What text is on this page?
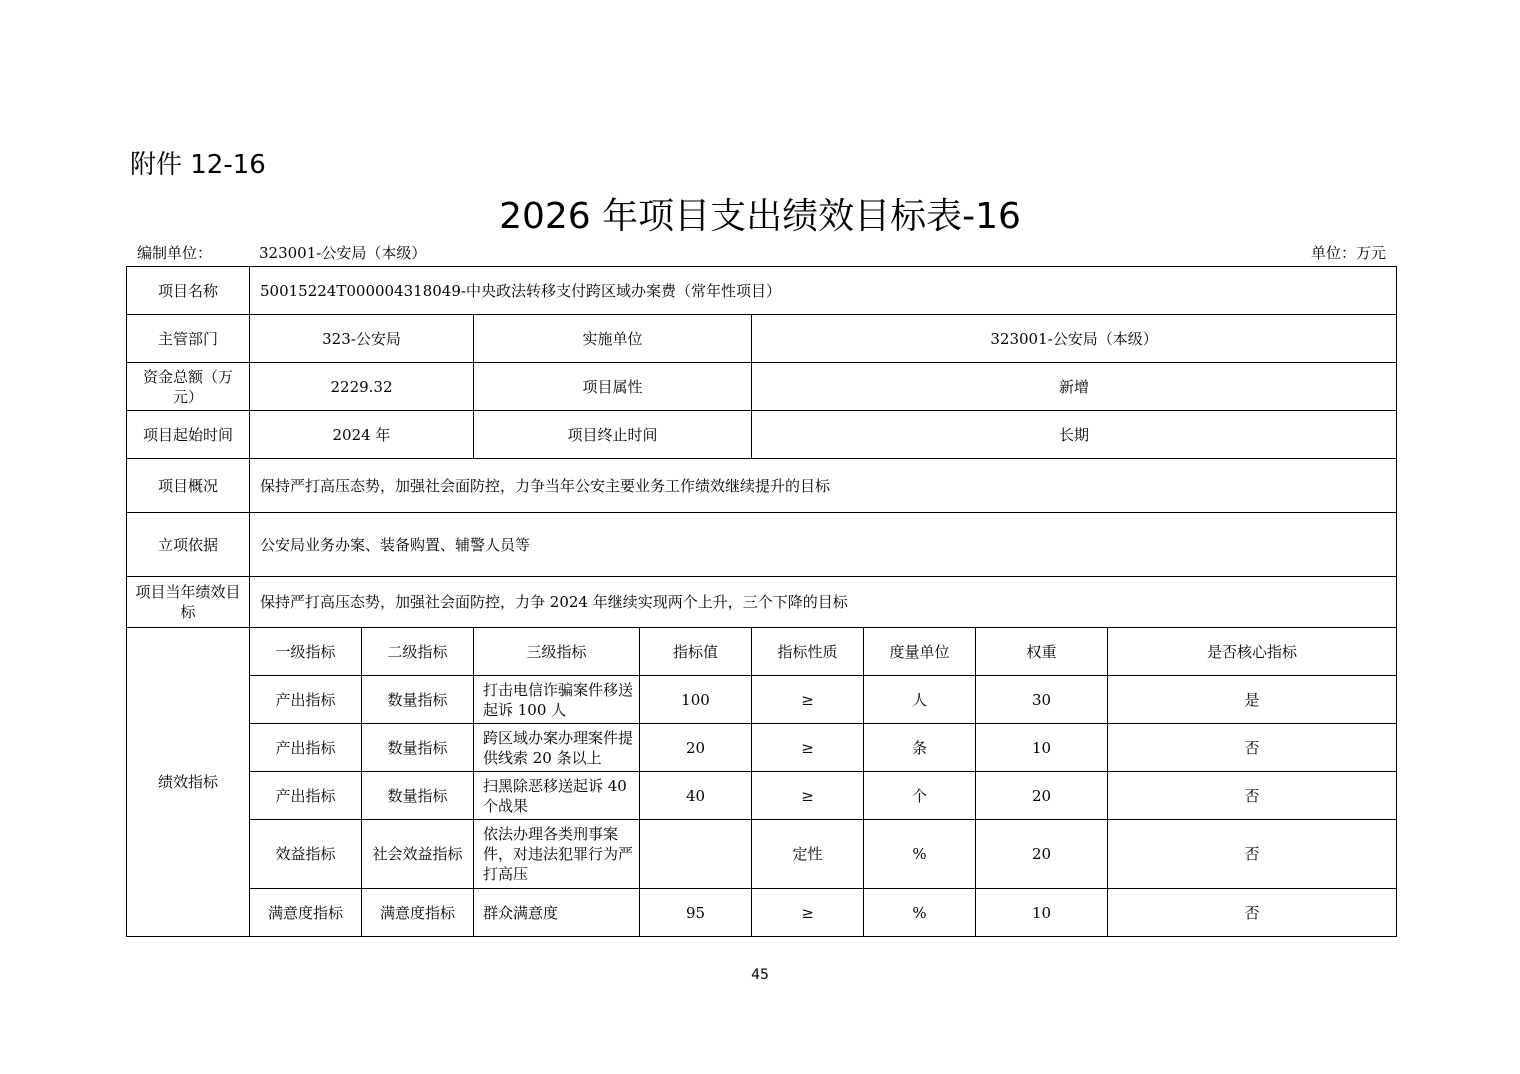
附件 12-16
2026 年项目支出绩效目标表-16
编制单位：	323001-公安局（本级）	单位：万元
项目名称	50015224T000004318049-中央政法转移支付跨区域办案费（常年性项目）							
主管部门	323-公安局		实施单位		323001-公安局（本级）			
资金总额（万元）	2229.32		项目属性		新增			
项目起始时间	2024 年		项目终止时间		长期			
项目概况	保持严打高压态势，加强社会面防控，力争当年公安主要业务工作绩效继续提升的目标							
立项依据	公安局业务办案、装备购置、辅警人员等							
项目当年绩效目标	保持严打高压态势，加强社会面防控，力争 2024 年继续实现两个上升，三个下降的目标							
绩效指标	一级指标	二级指标	三级指标	指标值	指标性质	度量单位	权重	是否核心指标
	产出指标	数量指标	打击电信诈骗案件移送起诉 100 人	100	≥	人	30	是
	产出指标	数量指标	跨区域办案办理案件提供线索 20 条以上	20	≥	条	10	否
	产出指标	数量指标	扫黑除恶移送起诉 40 个战果	40	≥	个	20	否
	效益指标	社会效益指标	依法办理各类刑事案件，对违法犯罪行为严打高压		定性	%	20	否
	满意度指标	满意度指标	群众满意度	95	≥	%	10	否
45
